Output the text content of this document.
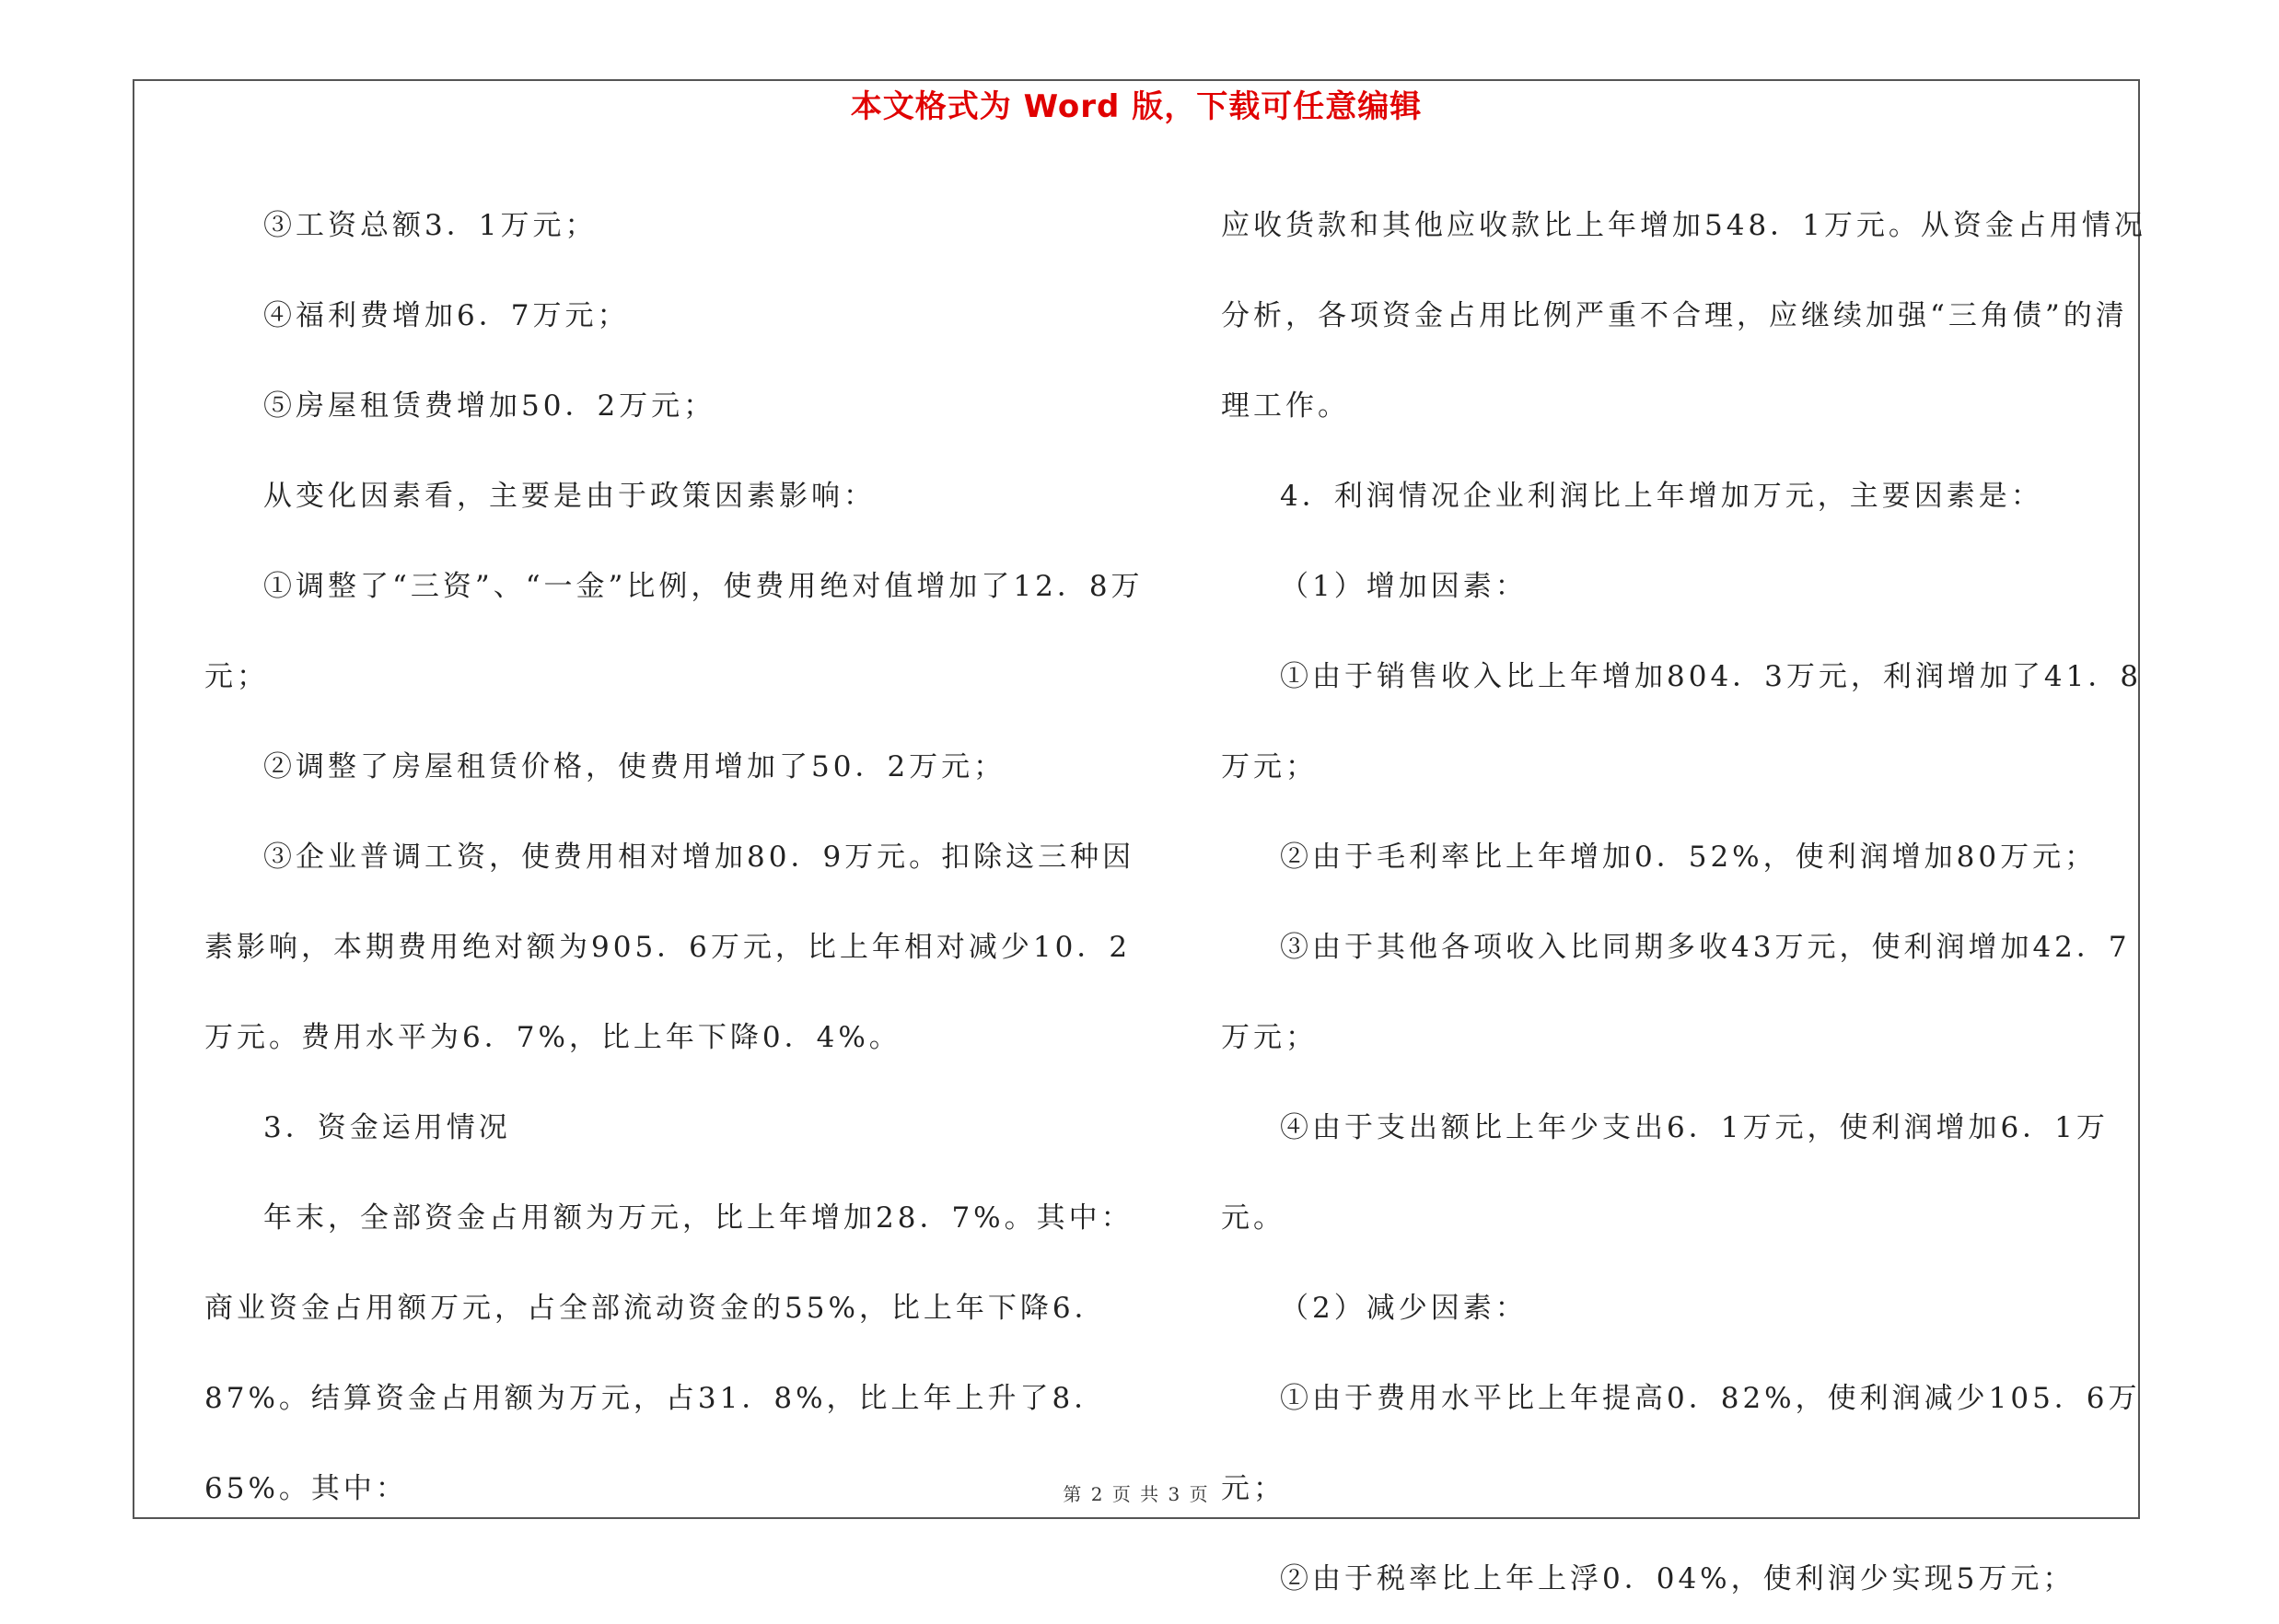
本文格式为 Word 版，下载可任意编辑

③工资总额3．1万元；

④福利费增加6．7万元；

⑤房屋租赁费增加50．2万元；

从变化因素看，主要是由于政策因素影响：

①调整了“三资”、“一金”比例，使费用绝对值增加了12．8万元；

②调整了房屋租赁价格，使费用增加了50．2万元；

③企业普调工资，使费用相对增加80．9万元。扣除这三种因素影响，本期费用绝对额为905．6万元，比上年相对减少10．2万元。费用水平为6．7%，比上年下降0．4%。

3．资金运用情况

年末，全部资金占用额为万元，比上年增加28．7%。其中：商业资金占用额万元，占全部流动资金的55%，比上年下降6．87%。结算资金占用额为万元，占31．8%，比上年上升了8．65%。其中：

应收货款和其他应收款比上年增加548．1万元。从资金占用情况分析，各项资金占用比例严重不合理，应继续加强“三角债”的清理工作。

4．利润情况企业利润比上年增加万元，主要因素是：

（1）增加因素：

①由于销售收入比上年增加804．3万元，利润增加了41．8万元；

②由于毛利率比上年增加0．52%，使利润增加80万元；

③由于其他各项收入比同期多收43万元，使利润增加42．7万元；

④由于支出额比上年少支出6．1万元，使利润增加6．1万元。

（2）减少因素：

①由于费用水平比上年提高0．82%，使利润减少105．6万元；

②由于税率比上年上浮0．04%，使利润少实现5万元；

第 2 页 共 3 页
